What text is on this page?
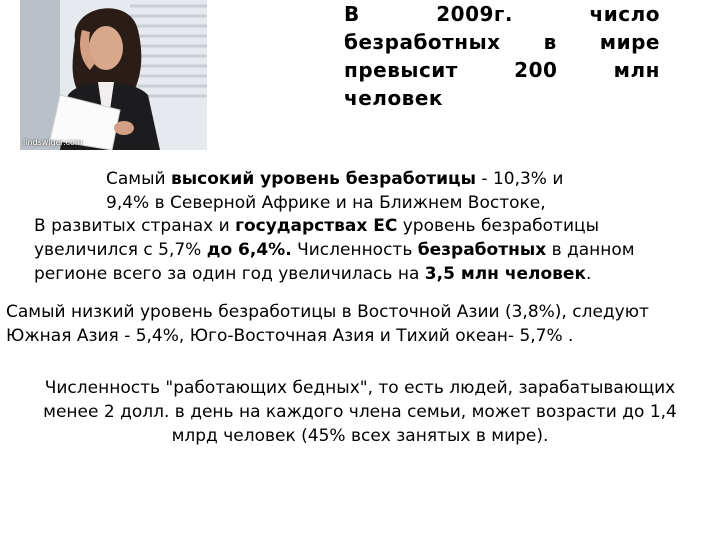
lindswiger.com
В 2009г. число безработных в мире превысит 200 млн человек
Самый высокий уровень безработицы - 10,3% и
9,4% в Северной Африке и на Ближнем Востоке,
В развитых странах и государствах ЕС уровень безработицы увеличился с 5,7% до 6,4%. Численность безработных в данном регионе всего за один год увеличилась на 3,5 млн человек.
Самый низкий уровень безработицы в Восточной Азии (3,8%), следуют Южная Азия - 5,4%, Юго-Восточная Азия и Тихий океан- 5,7% .
Численность "работающих бедных", то есть людей, зарабатывающих менее 2 долл. в день на каждого члена семьи, может возрасти до 1,4 млрд человек (45% всех занятых в мире).
